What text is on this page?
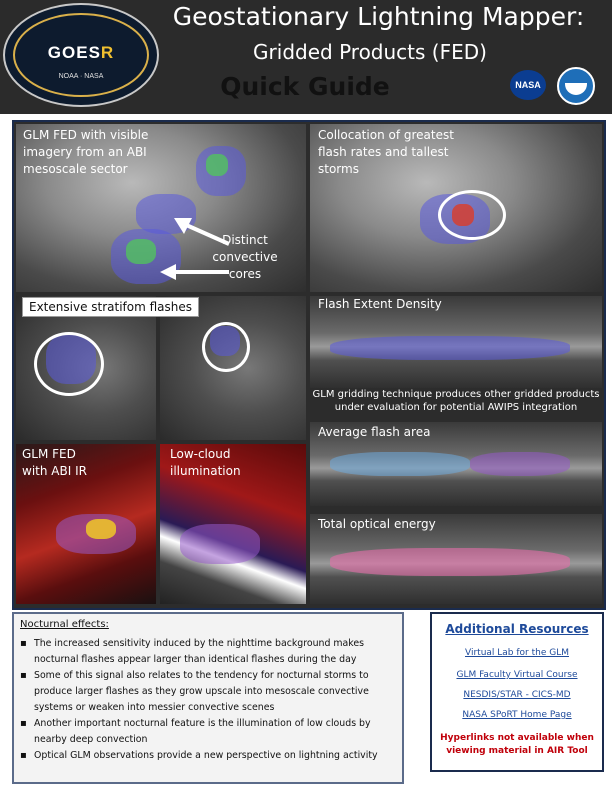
GOESR
NOAA · NASA
Geostationary Lightning Mapper:
Gridded Products (FED)
Quick Guide	NASA
GLM FED with visible imagery from an ABI mesoscale sector
Collocation of greatest flash rates and tallest storms
Distinct convective cores
Extensive stratifom flashes	Flash Extent Density
GLM gridding technique produces other gridded products under evaluation for potential AWIPS integration
Average flash area
Total optical energy
GLM FED with ABI IR
Low-cloud illumination
Nocturnal effects:
▪ The increased sensitivity induced by the nighttime background makes nocturnal flashes appear larger than identical flashes during the day
▪ Some of this signal also relates to the tendency for nocturnal storms to produce larger flashes as they grow upscale into mesoscale convective systems or weaken into messier convective scenes
▪ Another important nocturnal feature is the illumination of low clouds by nearby deep convection
▪ Optical GLM observations provide a new perspective on lightning activity
Additional Resources
Virtual Lab for the GLM
GLM Faculty Virtual Course
NESDIS/STAR - CICS-MD
NASA SPoRT Home Page
Hyperlinks not available when viewing material in AIR Tool
